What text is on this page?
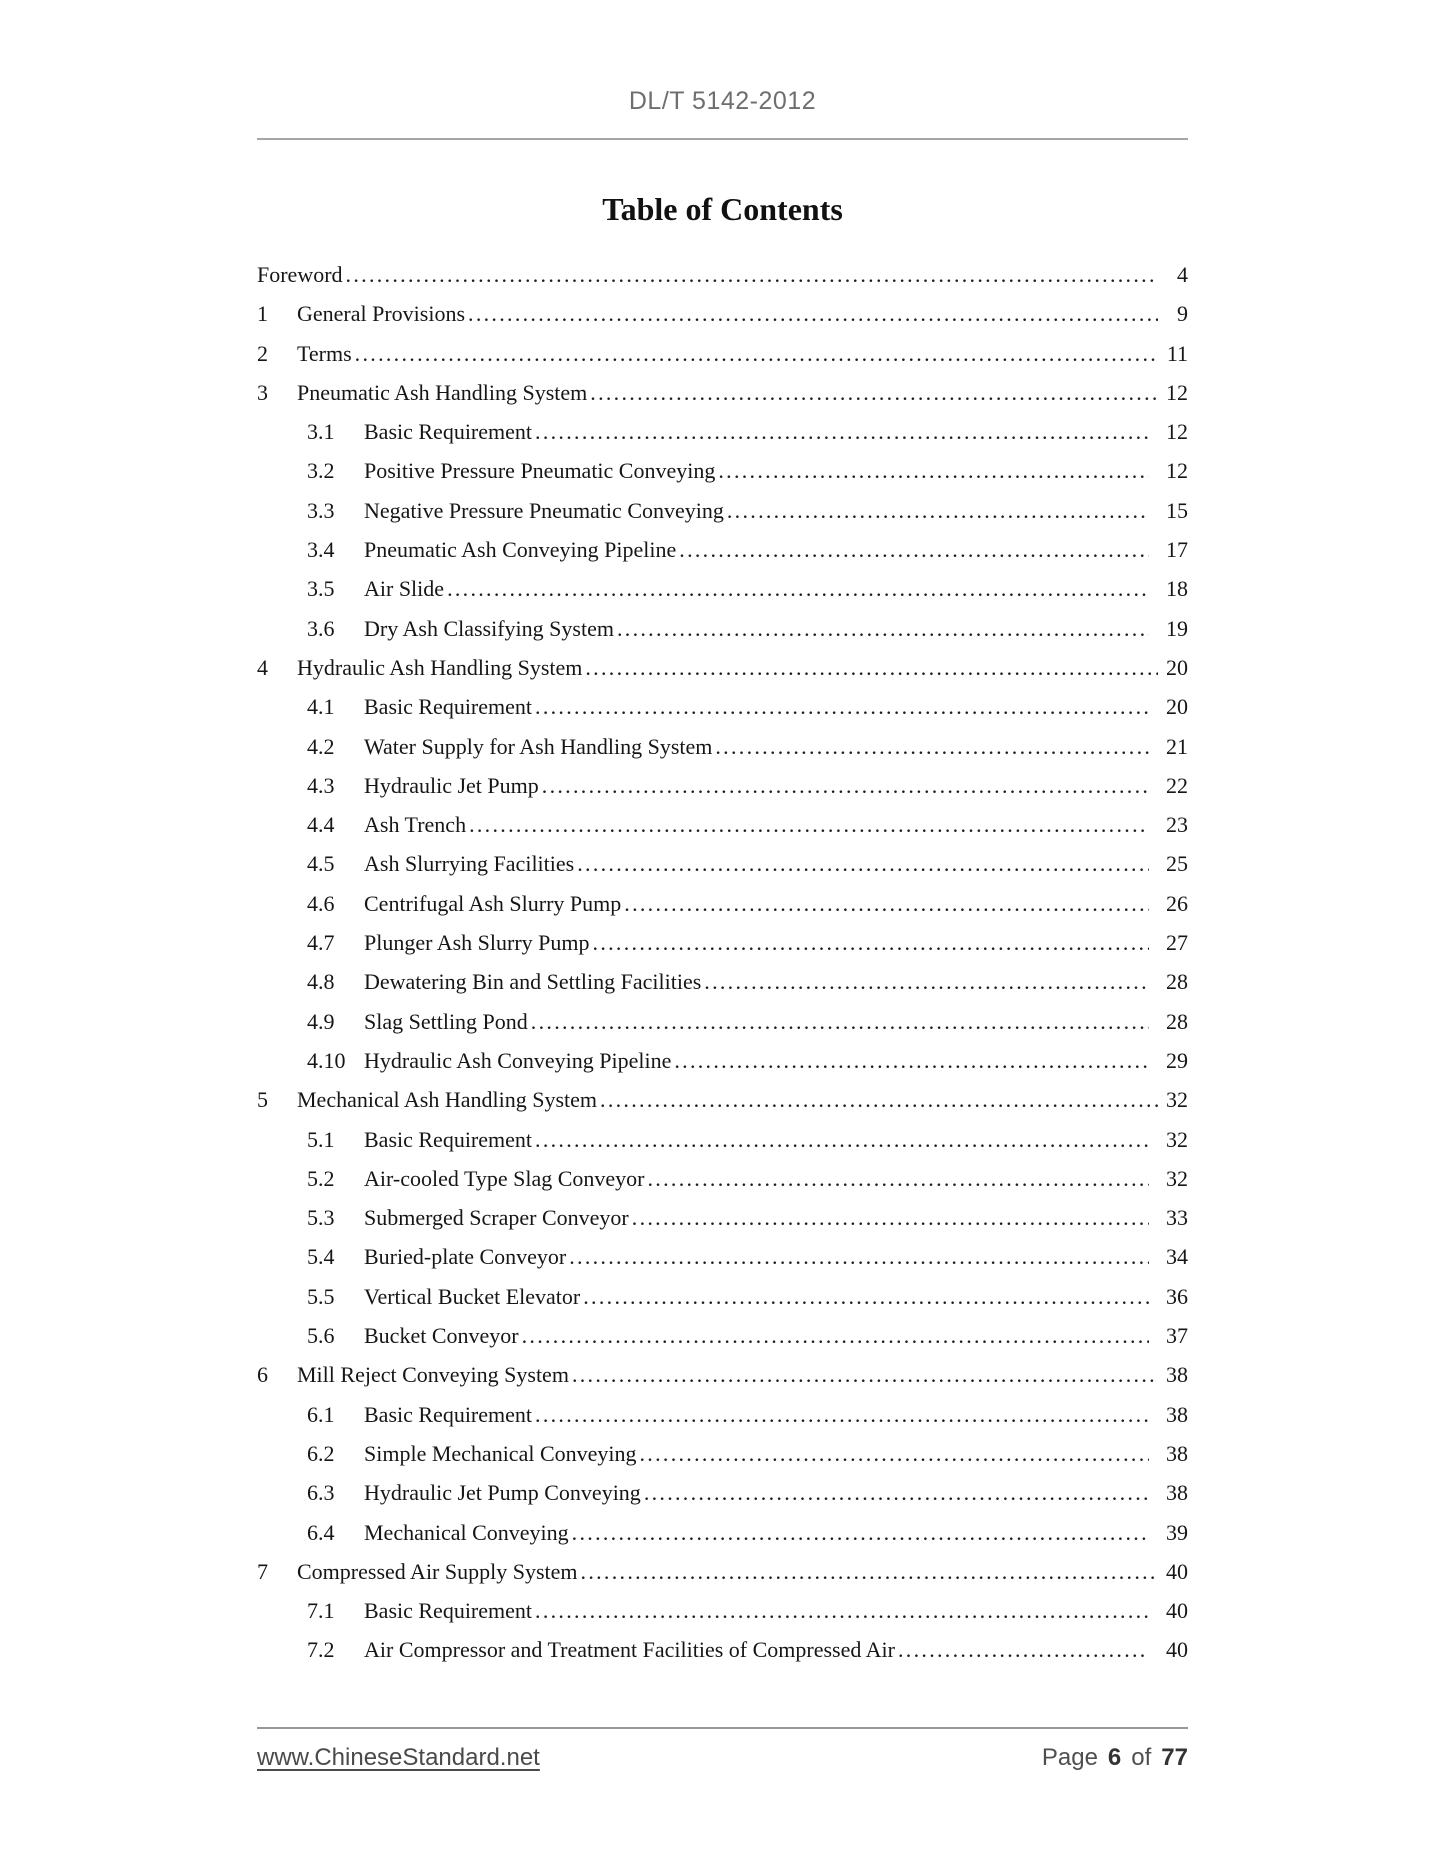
DL/T 5142-2012
Table of Contents
Foreword .....	4
1	General Provisions .....	9
2	Terms .....	11
3	Pneumatic Ash Handling System .....	12
3.1	Basic Requirement .....	12
3.2	Positive Pressure Pneumatic Conveying .....	12
3.3	Negative Pressure Pneumatic Conveying .....	15
3.4	Pneumatic Ash Conveying Pipeline .....	17
3.5	Air Slide .....	18
3.6	Dry Ash Classifying System .....	19
4	Hydraulic Ash Handling System .....	20
4.1	Basic Requirement .....	20
4.2	Water Supply for Ash Handling System .....	21
4.3	Hydraulic Jet Pump .....	22
4.4	Ash Trench .....	23
4.5	Ash Slurrying Facilities .....	25
4.6	Centrifugal Ash Slurry Pump .....	26
4.7	Plunger Ash Slurry Pump .....	27
4.8	Dewatering Bin and Settling Facilities .....	28
4.9	Slag Settling Pond .....	28
4.10 Hydraulic Ash Conveying Pipeline .....	29
5	Mechanical Ash Handling System .....	32
5.1	Basic Requirement .....	32
5.2	Air-cooled Type Slag Conveyor .....	32
5.3	Submerged Scraper Conveyor .....	33
5.4	Buried-plate Conveyor .....	34
5.5	Vertical Bucket Elevator .....	36
5.6	Bucket Conveyor .....	37
6	Mill Reject Conveying System .....	38
6.1	Basic Requirement .....	38
6.2	Simple Mechanical Conveying .....	38
6.3	Hydraulic Jet Pump Conveying .....	38
6.4	Mechanical Conveying .....	39
7	Compressed Air Supply System .....	40
7.1	Basic Requirement .....	40
7.2	Air Compressor and Treatment Facilities of Compressed Air .....	40
www.ChineseStandard.net	Page 6 of 77
